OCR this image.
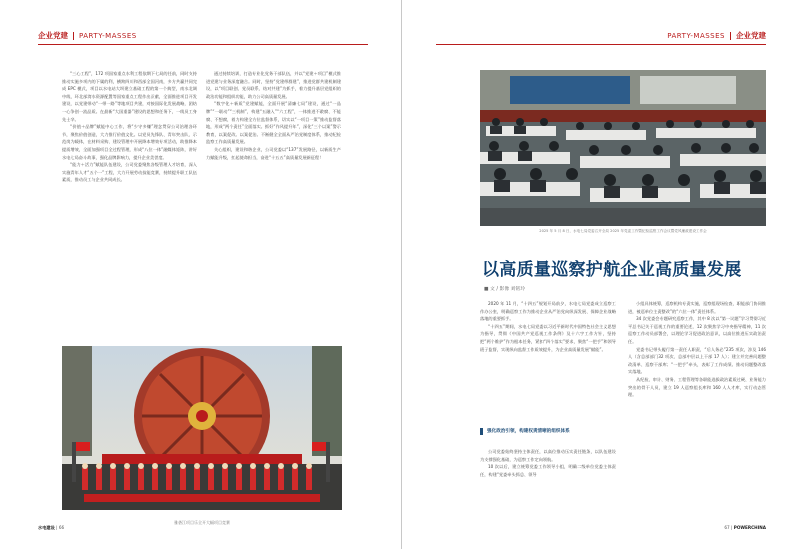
企业党建 PARTY-MASSES

“三心工程”，172 项国家重点水利工程依期下七局的任前，同时支持推动实施多项内的下属的利，横跨四川和西部全国河南，多方共赢共同完成 EPC 模式，项目以水电站大坝建立基础工程的第一个典型，南水北调中线、环北部湾水资源配置等国家重点工程作出贡献，全面推进项目开发建设，以党建带动“一带一路”等地项目共建，对接国际化发展战略，团结一心争创一流品质。在最新“大国重器”建设的思想和任务下，一线员工身先士卒。

“价值＋品牌”赋能中心工作，将“少守多赚”理念贯穿公司治理各环节，聚焦价值创造，大力推行价值文化。以党员先锋队、青年突击队、示范岗为载体，在材料采购、建设管理中开展降本增效专项活动，助推降本提质增效，全面加强项目全过程管理，形成“八位一体”融媒体矩阵，讲好水电七局奋斗故事，强化品牌影响力，提升企业美誉度。

“能力＋活力”赋能队伍建设，公司党委聚焦各级管理人才培育，深入实施青年人才“五个一”工程，大力开展劳动技能竞赛，持续提升职工队伍素质，推动员工与企业共同成长。

通过持续培训，打造专业化党务干部队伍，并以“党建＋项目”模式推进党建与业务深度融合。同时，坚持“党建带群建”，推进党群共建机制建设，以“项目联创、党员联系、结对共建”为抓手，着力提升基层党组织的政治功能和组织功能，助力公司高质量发展。

“数字化＋新质”党建赋能，全面开展“清廉七局”建设，通过“一品牌”“一联动”“三机制”，构建“五融入”“六工程”，一体推进不敢腐、不能腐、不想腐，着力构建全方位监督体系，切实以“一项目一策”推动监督落地，形成“两个责任”全面落实。抓好“作风提升年”，深化“三个以案”警示教育，以案促改。以案促治。不断健全全面从严治党制度体系，推动纪检监察工作高质量发展。

关心组织，建设和谐企业，公司党委以“137”发展路径，以新质生产力赋能升级，扛起使命担当，奋进“十五五”高质量发展新征程！

雅砻江项目乐全开大幅项目竞赛
水电建设 | 66
PARTY-MASSES 企业党建
2025 年 5 月 8 日，水电七局党委召开全局 2025 年党委工作暨纪检监察工作会议暨党风廉政建设工作会
以高质量巡察护航企业高质量发展
■ 文 / 影像 刘铭玲

2020 年 11 月，“十四五”规划开局前夕，水电七局党委成立巡察工作办公室，明确巡察工作为推动企业从严治党向纵深发展、保障企业战略落地的重要抓手。

“十四五”期间，水电七局党委以习近平新时代中国特色社会主义思想为指导，贯彻《中国共产党巡视工作条例》及十六字工作方针，坚持把“两个维护”作为根本任务，紧扣“四个落实”要求，聚焦“一把手”和领导班子监督，实现纵向监督工作质效提升，为企业高质量发展“赋能”。

强化政治引领，构建权责清晰的组织体系

公司党委始终坚持主体责任，以高位推动压实责任链条，以队伍建设为支撑强化基础，为巡察工作定向领航。

10 次以后，建立统筹党委工作领导小组，明确二级单位党委主体责任，构建“党委牵头抓总、领导

小组具体统筹，巡察机构专责实施，巡察组现场检查，职能部门协同推进，被巡单位主责整改”的“六位一体”责任体系。

34 次党委会专题研究巡察工作，其中 8 次以“第一议题”学习贯彻习近平总书记关于巡视工作的重要论述，12 次聚焦学习中央指导精神，11 次巡察工作动员部署会，以理论学习促进政治意识，以高位推进压实政治责任。

党委书记带头履行第一责任人职责，“后人务必”235 项次，涉及 146 人（含总部部门32 项次、总部中层以上干部 17 人）；建立并完善问题整改清单、巡察干部库；“一把手”牵头，表彰了工作成绩。推动问题整改落实落地。

从纪检、审计、财务、工程管理等各职能选拔政治素质过硬、业务能力突出的骨干人员，建立 19 人巡察组长库和 160 人人才库，实行动态管理。

67 | POWERCHINA
